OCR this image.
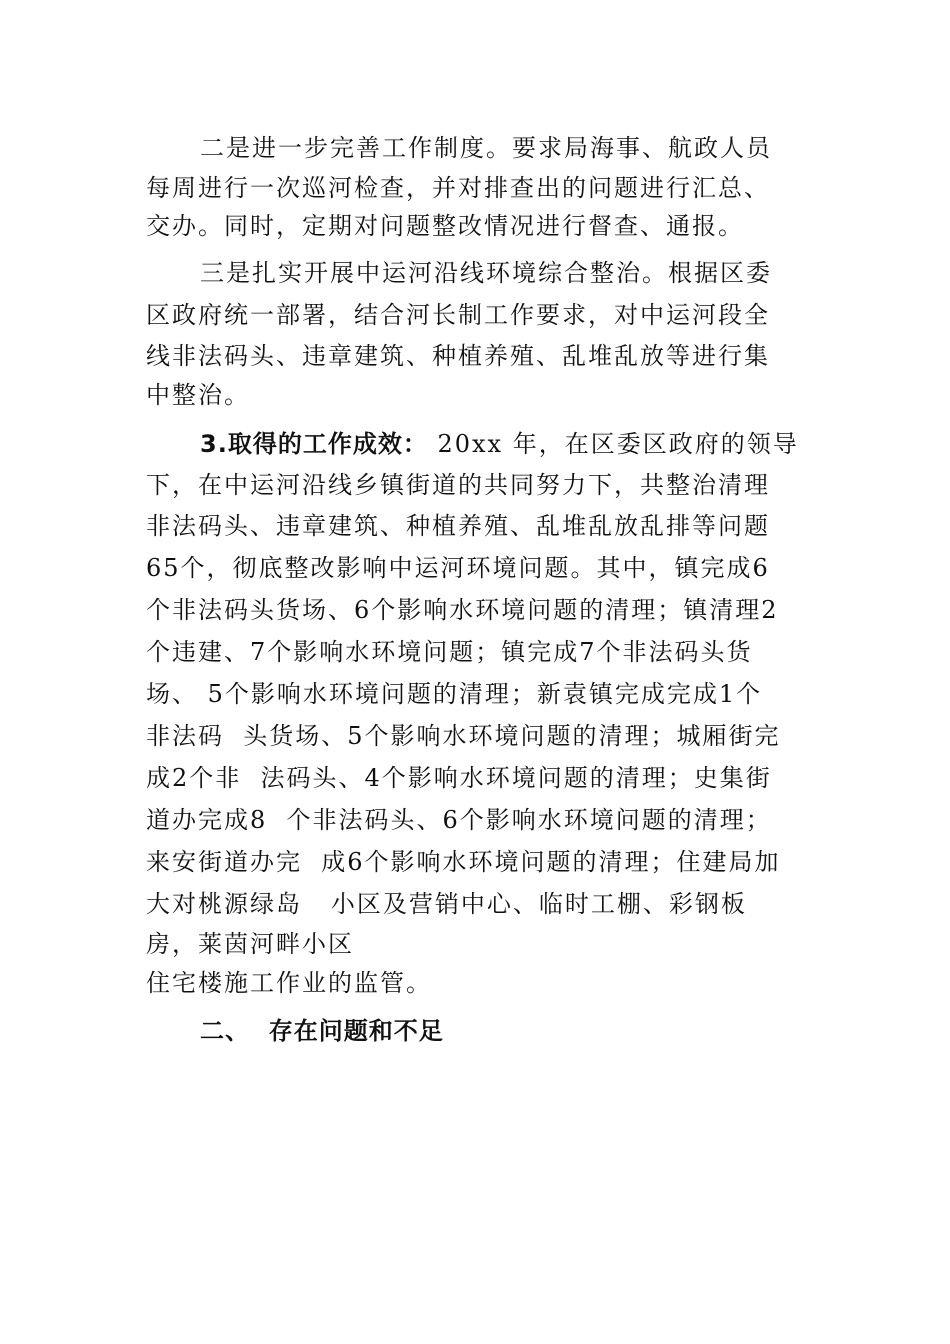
二是进一步完善工作制度。要求局海事、航政人员
每周进行一次巡河检查，并对排查出的问题进行汇总、
交办。同时，定期对问题整改情况进行督查、通报。
三是扎实开展中运河沿线环境综合整治。根据区委
区政府统一部署，结合河长制工作要求，对中运河段全
线非法码头、违章建筑、种植养殖、乱堆乱放等进行集
中整治。
3.取得的工作成效： 20xx 年，在区委区政府的领导
下，在中运河沿线乡镇街道的共同努力下，共整治清理
非法码头、违章建筑、种植养殖、乱堆乱放乱排等问题
65个，彻底整改影响中运河环境问题。其中，镇完成6
个非法码头货场、6个影响水环境问题的清理；镇清理2
个违建、7个影响水环境问题；镇完成7个非法码头货
场、 5个影响水环境问题的清理；新袁镇完成完成1个
非法码  头货场、5个影响水环境问题的清理；城厢街完
成2个非  法码头、4个影响水环境问题的清理；史集街
道办完成8  个非法码头、6个影响水环境问题的清理；
来安街道办完  成6个影响水环境问题的清理；住建局加
大对桃源绿岛   小区及营销中心、临时工棚、彩钢板
房，莱茵河畔小区
住宅楼施工作业的监管。
二、  存在问题和不足
